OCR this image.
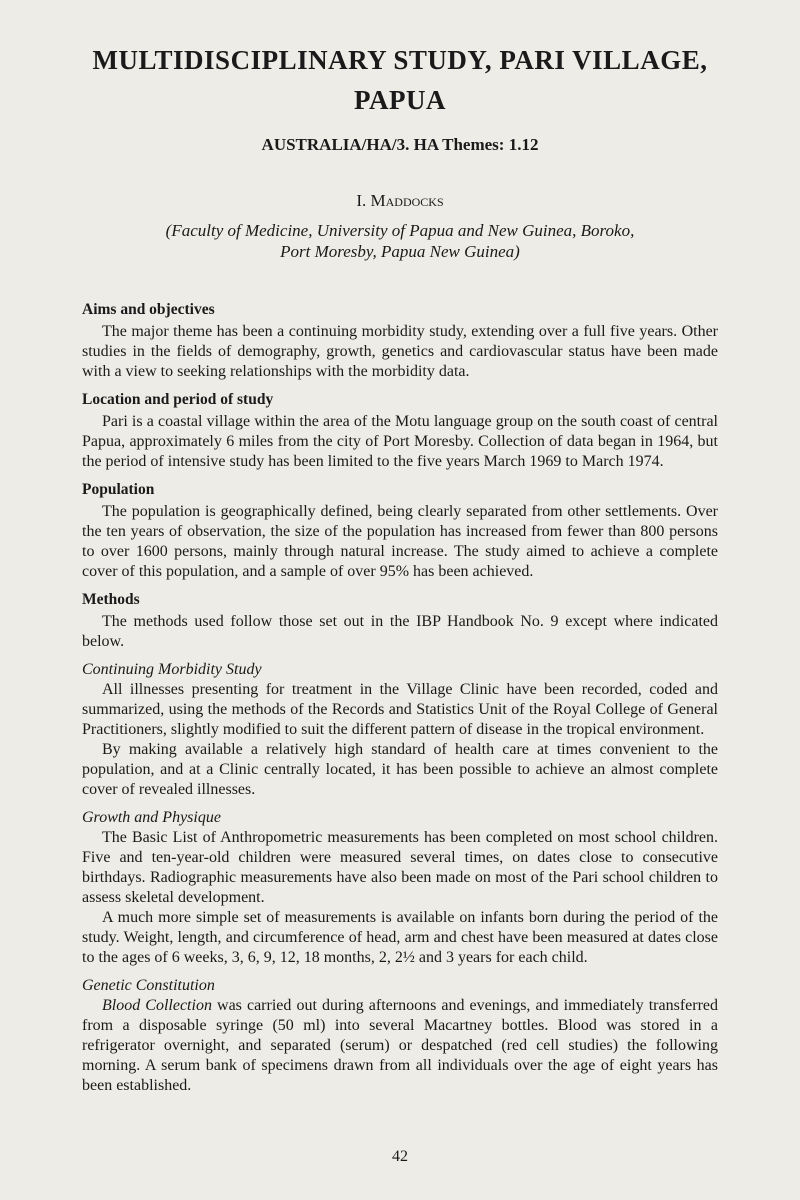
MULTIDISCIPLINARY STUDY, PARI VILLAGE,
PAPUA
AUSTRALIA/HA/3. HA Themes: 1.12
I. Maddocks
(Faculty of Medicine, University of Papua and New Guinea, Boroko,
Port Moresby, Papua New Guinea)
Aims and objectives

The major theme has been a continuing morbidity study, extending over a full five years. Other studies in the fields of demography, growth, genetics and cardiovascular status have been made with a view to seeking relationships with the morbidity data.

Location and period of study

Pari is a coastal village within the area of the Motu language group on the south coast of central Papua, approximately 6 miles from the city of Port Moresby. Collection of data began in 1964, but the period of intensive study has been limited to the five years March 1969 to March 1974.

Population

The population is geographically defined, being clearly separated from other settlements. Over the ten years of observation, the size of the population has increased from fewer than 800 persons to over 1600 persons, mainly through natural increase. The study aimed to achieve a complete cover of this population, and a sample of over 95% has been achieved.

Methods

The methods used follow those set out in the IBP Handbook No. 9 except where indicated below.

Continuing Morbidity Study

All illnesses presenting for treatment in the Village Clinic have been recorded, coded and summarized, using the methods of the Records and Statistics Unit of the Royal College of General Practitioners, slightly modified to suit the different pattern of disease in the tropical environment.

By making available a relatively high standard of health care at times convenient to the population, and at a Clinic centrally located, it has been possible to achieve an almost complete cover of revealed illnesses.

Growth and Physique

The Basic List of Anthropometric measurements has been completed on most school children. Five and ten-year-old children were measured several times, on dates close to consecutive birthdays. Radiographic measurements have also been made on most of the Pari school children to assess skeletal development.

A much more simple set of measurements is available on infants born during the period of the study. Weight, length, and circumference of head, arm and chest have been measured at dates close to the ages of 6 weeks, 3, 6, 9, 12, 18 months, 2, 2½ and 3 years for each child.

Genetic Constitution

Blood Collection was carried out during afternoons and evenings, and immediately transferred from a disposable syringe (50 ml) into several Macartney bottles. Blood was stored in a refrigerator overnight, and separated (serum) or despatched (red cell studies) the following morning. A serum bank of specimens drawn from all individuals over the age of eight years has been established.

42
